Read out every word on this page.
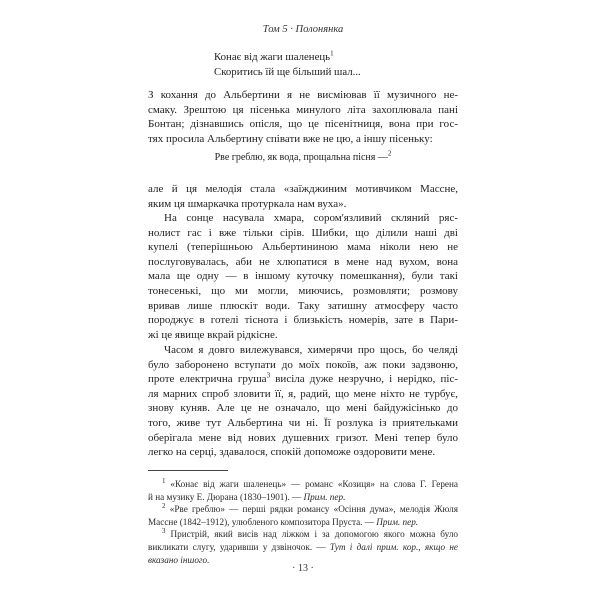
Том 5 · Полонянка
Конає від жаги шаленець$^1$
Скоритись їй ще більший шал...
З кохання до Альбертини я не висміював її музичного не-
смаку. Зрештою ця пісенька минулого літа захоплювала пані
Бонтан; дізнавшись опісля, що це пісенітниця, вона при гос-
тях просила Альбертину співати вже не цю, а іншу пісеньку:
Рве греблю, як вода, прощальна пісня —$^2$
але й ця мелодія стала «заїжджиним мотивчиком Массне,
яким ця шмаркачка протуркала нам вуха».
На сонце насувала хмара, сором'язливий скляний ряс-
нолист гас і вже тільки сірів. Шибки, що ділили наші дві
купелі (теперішньою Альбертининою мама ніколи нею не
послуговувалась, аби не хлюпатися в мене над вухом, вона
мала ще одну — в іншому куточку помешкання), були такі
тонесенькі, що ми могли, миючись, розмовляти; розмову
вривав лише плюскіт води. Таку затишну атмосферу часто
породжує в готелі тіснота і близькість номерів, зате в Пари-
жі це явище вкрай рідкісне.
Часом я довго вилежувався, химерячи про щось, бо челяді
було заборонено вступати до моїх покоїв, аж поки задзвоню,
проте електрична груша$^3$ висіла дуже незручно, і нерідко, піс-
ля марних спроб зловити її, я, радий, що мене ніхто не турбує,
знову куняв. Але це не означало, що мені байдужісінько до
того, живе тут Альбертина чи ні. Її розлука із приятельками
оберігала мене від нових душевних гризот. Мені тепер було
легко на серці, здавалося, спокій допоможе оздоровити мене.
$^1$ «Конає від жаги шаленець» — романс «Козиця» на слова Г. Герена
й на музику Е. Дюрана (1830–1901). — Прим. пер.
$^2$ «Рве греблю» — перші рядки романсу «Осіння дума», мелодія Жюля
Массне (1842–1912), улюбленого композитора Пруста. — Прим. пер.
$^3$ Пристрій, який висів над ліжком і за допомогою якого можна було
викликати слугу, ударивши у дзвіночок. — Тут і далі прим. кор., якщо не
вказано іншого.
· 13 ·
